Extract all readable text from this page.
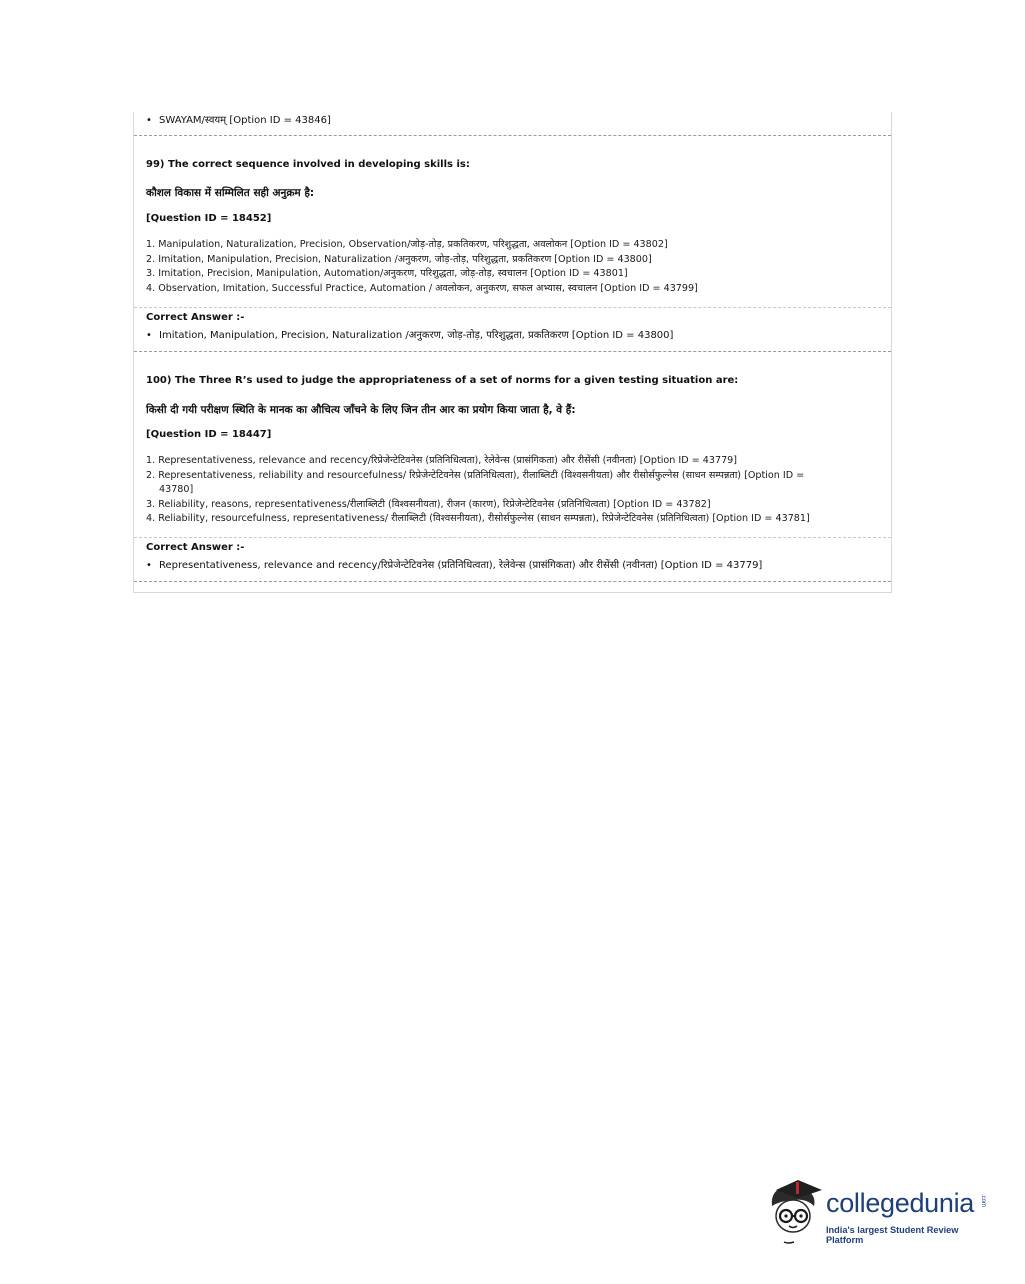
• SWAYAM/स्वयम् [Option ID = 43846]
99) The correct sequence involved in developing skills is:
कौशल विकास में सम्मिलित सही अनुक्रम है:
[Question ID = 18452]
1. Manipulation, Naturalization, Precision, Observation/जोड़-तोड़, प्रकतिकरण, परिशुद्धता, अवलोकन [Option ID = 43802]
2. Imitation, Manipulation, Precision, Naturalization /अनुकरण, जोड़-तोड़, परिशुद्धता, प्रकतिकरण [Option ID = 43800]
3. Imitation, Precision, Manipulation, Automation/अनुकरण, परिशुद्धता, जोड़-तोड़, स्वचालन [Option ID = 43801]
4. Observation, Imitation, Successful Practice, Automation / अवलोकन, अनुकरण, सफल अभ्यास, स्वचालन [Option ID = 43799]
Correct Answer :-
• Imitation, Manipulation, Precision, Naturalization /अनुकरण, जोड़-तोड़, परिशुद्धता, प्रकतिकरण [Option ID = 43800]
100) The Three R’s used to judge the appropriateness of a set of norms for a given testing situation are:
किसी दी गयी परीक्षण स्थिति के मानक का औचित्य जाँचने के लिए जिन तीन आर का प्रयोग किया जाता है, वे हैं:
[Question ID = 18447]
1. Representativeness, relevance and recency/रिप्रेजेन्टेटिवनेस (प्रतिनिधित्वता), रेलेवेन्स (प्रासंगिकता) और रीसेंसी (नवीनता) [Option ID = 43779]
2. Representativeness, reliability and resourcefulness/ रिप्रेजेन्टेटिवनेस (प्रतिनिधित्वता), रीलाब्लिटी (विश्वसनीयता) और रीसोर्सफुल्नेस (साधन सम्पन्नता) [Option ID =
43780]
3. Reliability, reasons, representativeness/रीलाब्लिटी (विश्वसनीयता), रीजन (कारण), रिप्रेजेन्टेटिवनेस (प्रतिनिधित्वता) [Option ID = 43782]
4. Reliability, resourcefulness, representativeness/ रीलाब्लिटी (विश्वसनीयता), रीसोर्सफुल्नेस (साधन सम्पन्नता), रिप्रेजेन्टेटिवनेस (प्रतिनिधित्वता) [Option ID = 43781]
Correct Answer :-
• Representativeness, relevance and recency/रिप्रेजेन्टेटिवनेस (प्रतिनिधित्वता), रेलेवेन्स (प्रासंगिकता) और रीसेंसी (नवीनता) [Option ID = 43779]
collegedunia .com
India's largest Student Review Platform
